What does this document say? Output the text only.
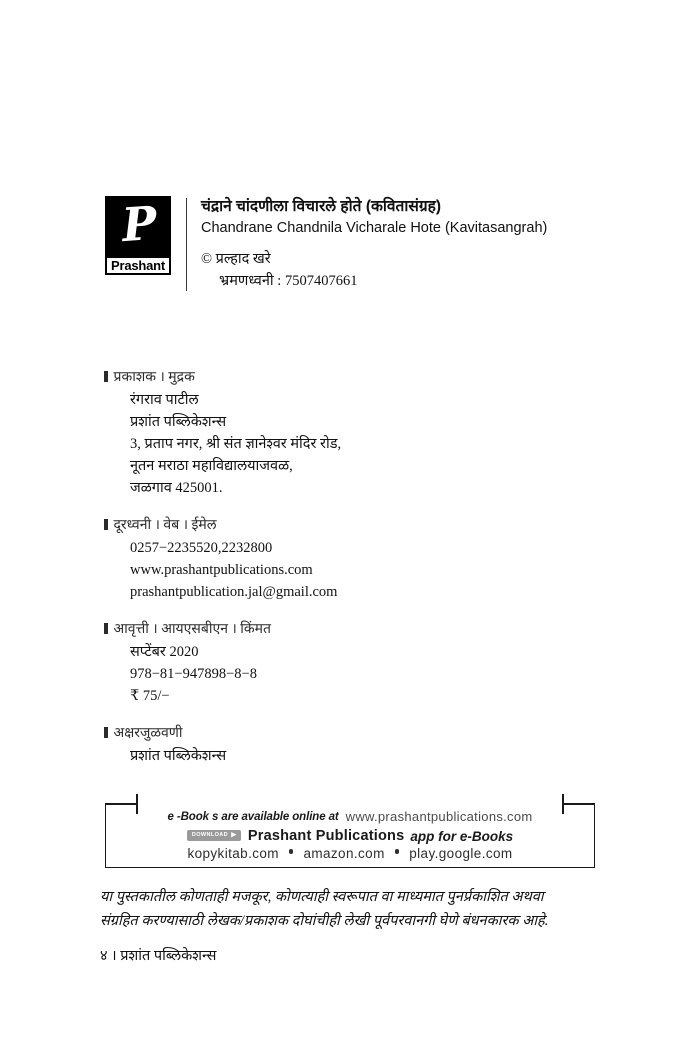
P
Prashant
चंद्राने चांदणीला विचारले होते (कवितासंग्रह)
Chandrane Chandnila Vicharale Hote (Kavitasangrah)
© प्रल्हाद खरे
भ्रमणध्वनी : 7507407661
प्रकाशक । मुद्रक
रंगराव पाटील
प्रशांत पब्लिकेशन्स
3, प्रताप नगर, श्री संत ज्ञानेश्वर मंदिर रोड,
नूतन मराठा महाविद्यालयाजवळ,
जळगाव 425001.
दूरध्वनी । वेब । ईमेल
0257−2235520,2232800
www.prashantpublications.com
prashantpublication.jal@gmail.com
आवृत्ती । आयएसबीएन । किंमत
सप्टेंबर 2020
978−81−947898−8−8
₹ 75/−
अक्षरजुळवणी
प्रशांत पब्लिकेशन्स
e -Book s are available online at www.prashantpublications.com
DOWNLOAD ▶ Prashant Publications app for e-Books
kopykitab.com amazon.com play.google.com
या पुस्तकातील कोणताही मजकूर, कोणत्याही स्वरूपात वा माध्यमात पुनर्प्रकाशित अथवा
संग्रहित करण्यासाठी लेखक/प्रकाशक दोघांचीही लेखी पूर्वपरवानगी घेणे बंधनकारक आहे.
४ । प्रशांत पब्लिकेशन्स
